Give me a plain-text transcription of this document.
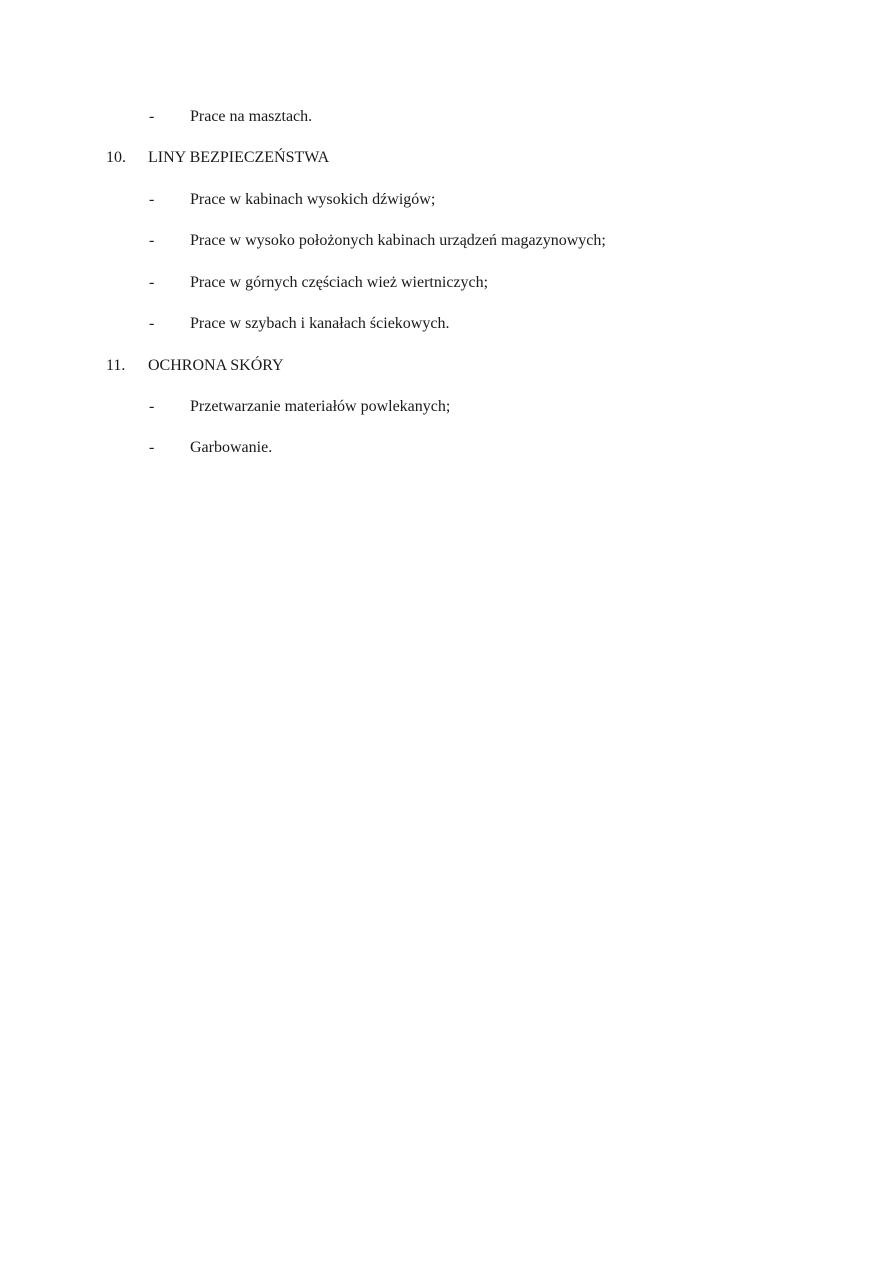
- Prace na masztach.
10. LINY BEZPIECZEŃSTWA
- Prace w kabinach wysokich dźwigów;
- Prace w wysoko położonych kabinach urządzeń magazynowych;
- Prace w górnych częściach wież wiertniczych;
- Prace w szybach i kanałach ściekowych.
11. OCHRONA SKÓRY
- Przetwarzanie materiałów powlekanych;
- Garbowanie.
